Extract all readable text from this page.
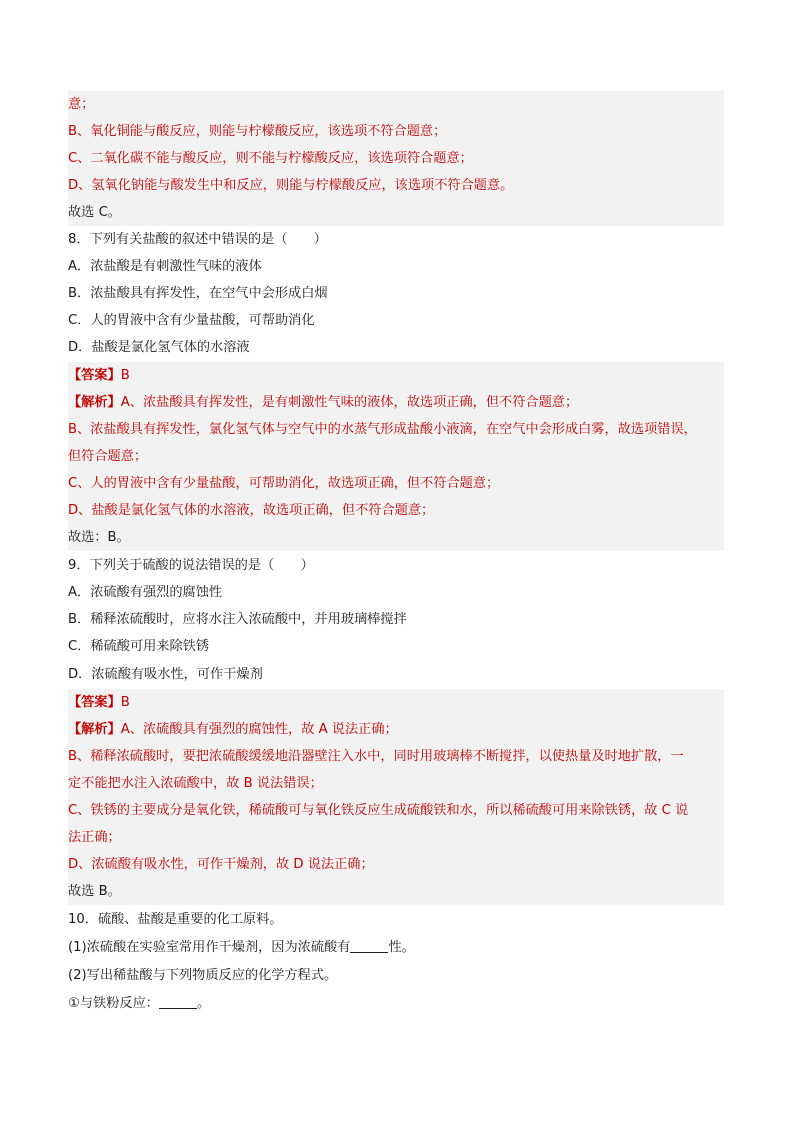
意；
B、氧化铜能与酸反应，则能与柠檬酸反应，该选项不符合题意；
C、二氧化碳不能与酸反应，则不能与柠檬酸反应，该选项符合题意；
D、氢氧化钠能与酸发生中和反应，则能与柠檬酸反应，该选项不符合题意。
故选 C。
8．下列有关盐酸的叙述中错误的是（　　）
A．浓盐酸是有刺激性气味的液体
B．浓盐酸具有挥发性，在空气中会形成白烟
C．人的胃液中含有少量盐酸，可帮助消化
D．盐酸是氯化氢气体的水溶液
【答案】B
【解析】A、浓盐酸具有挥发性，是有刺激性气味的液体，故选项正确，但不符合题意；
B、浓盐酸具有挥发性，氯化氢气体与空气中的水蒸气形成盐酸小液滴，在空气中会形成白雾，故选项错误，
但符合题意；
C、人的胃液中含有少量盐酸，可帮助消化，故选项正确，但不符合题意；
D、盐酸是氯化氢气体的水溶液，故选项正确，但不符合题意；
故选：B。
9．下列关于硫酸的说法错误的是（　　）
A．浓硫酸有强烈的腐蚀性
B．稀释浓硫酸时，应将水注入浓硫酸中，并用玻璃棒搅拌
C．稀硫酸可用来除铁锈
D．浓硫酸有吸水性，可作干燥剂
【答案】B
【解析】A、浓硫酸具有强烈的腐蚀性，故 A 说法正确；
B、稀释浓硫酸时，要把浓硫酸缓缓地沿器壁注入水中，同时用玻璃棒不断搅拌，以使热量及时地扩散，一
定不能把水注入浓硫酸中，故 B 说法错误；
C、铁锈的主要成分是氧化铁，稀硫酸可与氧化铁反应生成硫酸铁和水，所以稀硫酸可用来除铁锈，故 C 说
法正确；
D、浓硫酸有吸水性，可作干燥剂，故 D 说法正确；
故选 B。
10．硫酸、盐酸是重要的化工原料。
(1)浓硫酸在实验室常用作干燥剂，因为浓硫酸有	性。
(2)写出稀盐酸与下列物质反应的化学方程式。
①与铁粉反应：	。
